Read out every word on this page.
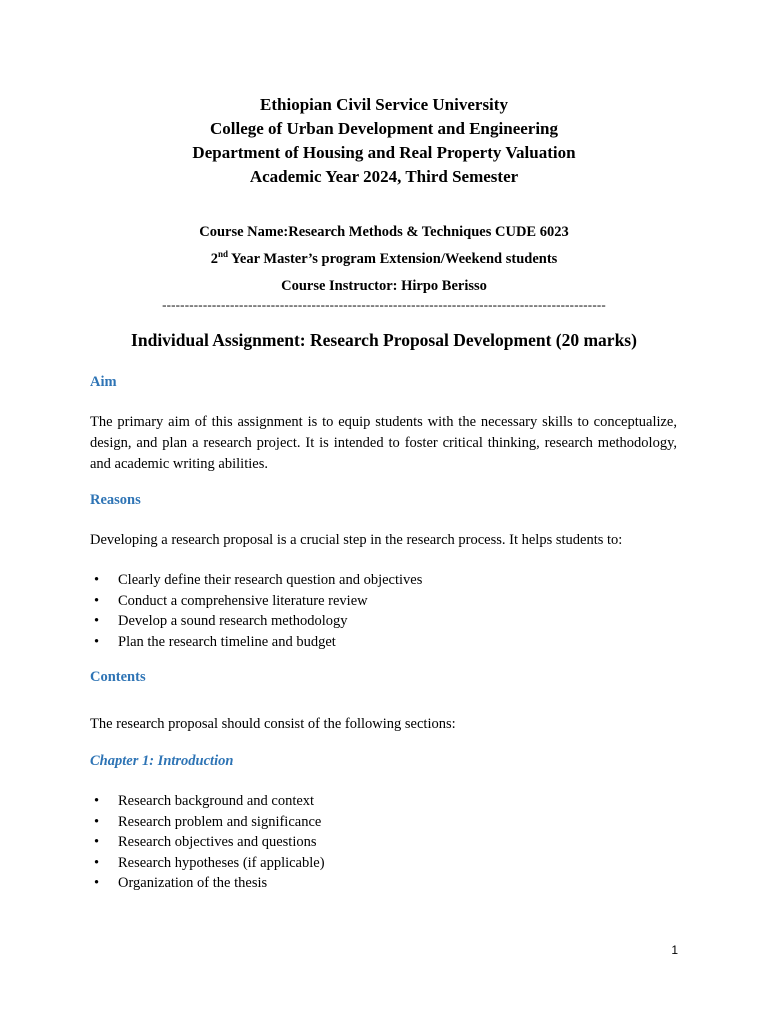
Ethiopian Civil Service University
College of Urban Development and Engineering
Department of Housing and Real Property Valuation
Academic Year 2024, Third Semester
Course Name:Research Methods & Techniques CUDE 6023
2nd Year Master’s program Extension/Weekend students
Course Instructor: Hirpo Berisso
--------------------------------------------------------------------------------------------------
Individual Assignment: Research Proposal Development (20 marks)
Aim
The primary aim of this assignment is to equip students with the necessary skills to conceptualize, design, and plan a research project. It is intended to foster critical thinking, research methodology, and academic writing abilities.
Reasons
Developing a research proposal is a crucial step in the research process. It helps students to:
• Clearly define their research question and objectives
• Conduct a comprehensive literature review
• Develop a sound research methodology
• Plan the research timeline and budget
Contents
The research proposal should consist of the following sections:
Chapter 1: Introduction
• Research background and context
• Research problem and significance
• Research objectives and questions
• Research hypotheses (if applicable)
• Organization of the thesis
1
